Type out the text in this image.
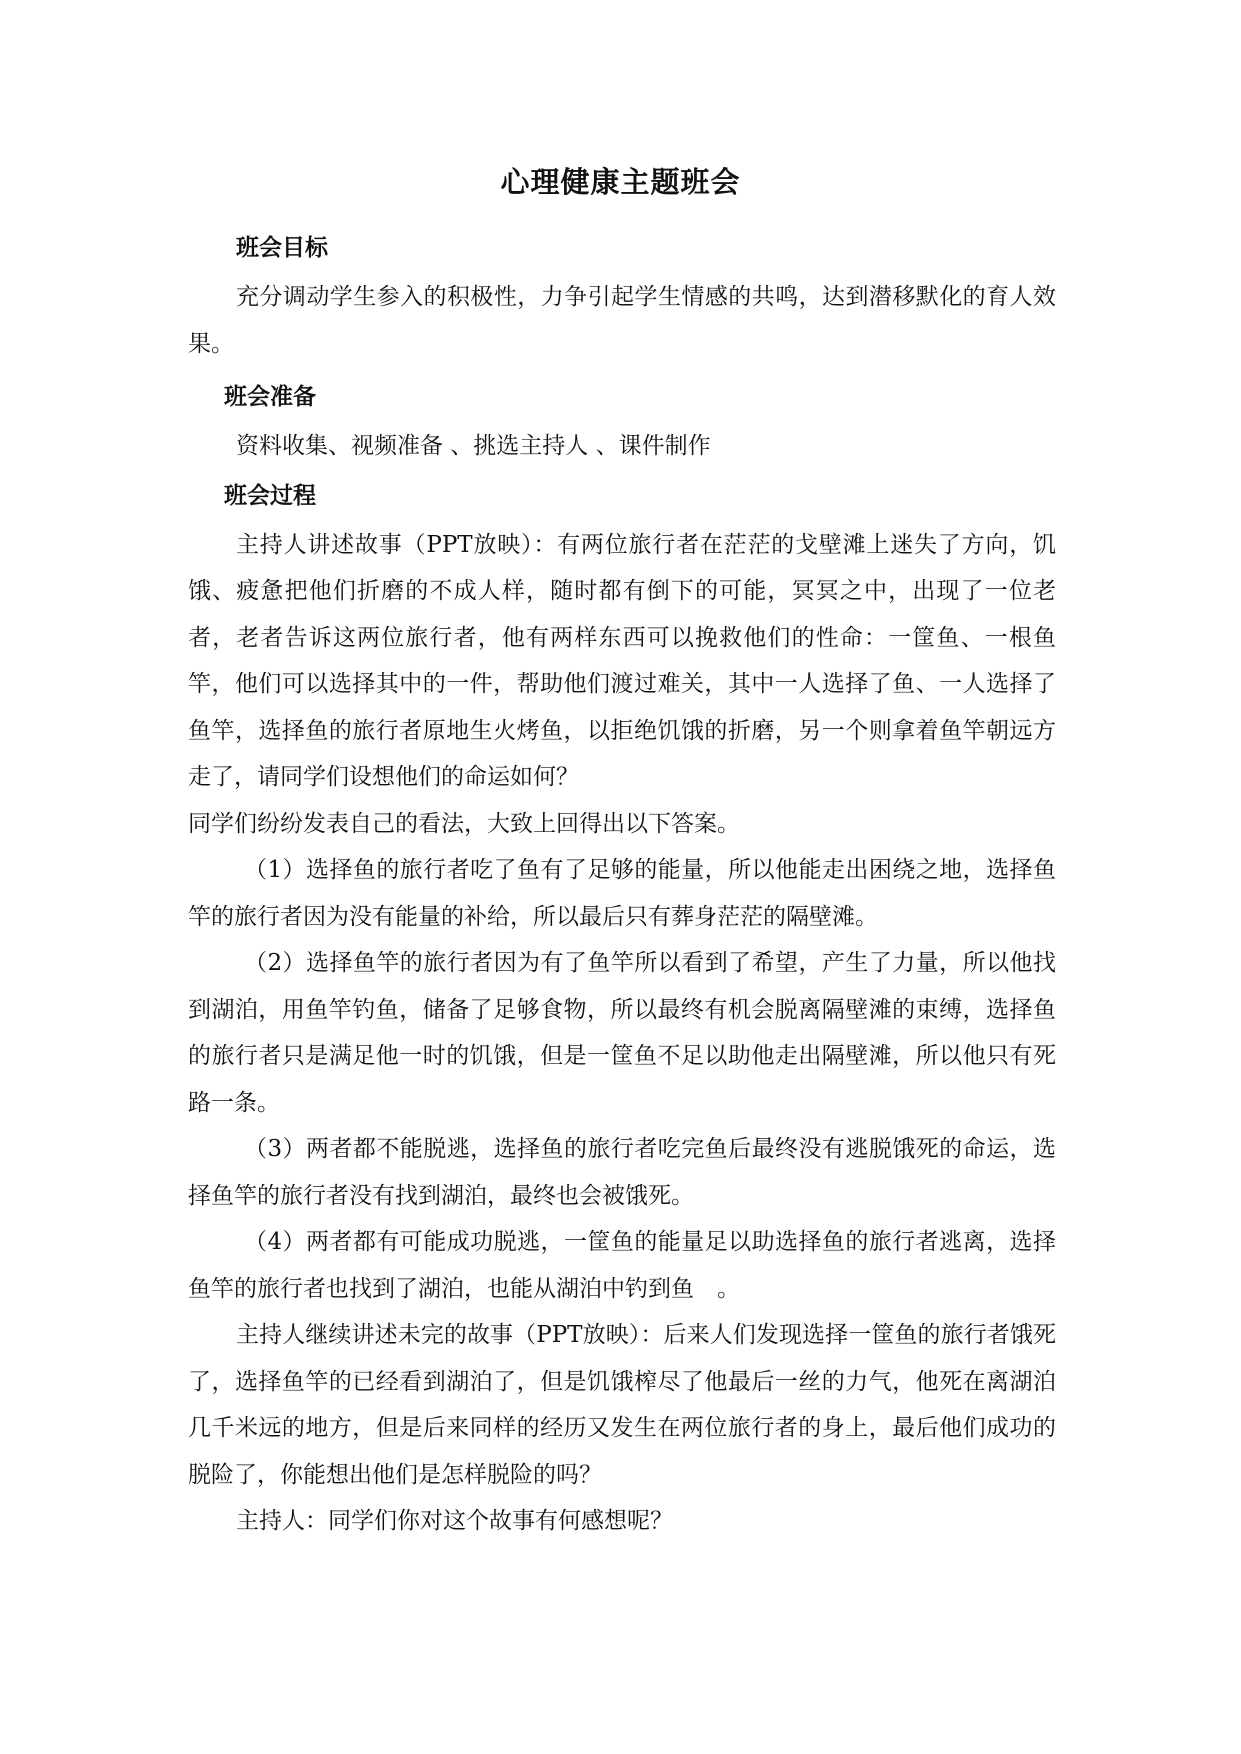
心理健康主题班会

班会目标

充分调动学生参入的积极性，力争引起学生情感的共鸣，达到潜移默化的育人效果。

班会准备

资料收集、视频准备 、挑选主持人 、课件制作

班会过程

主持人讲述故事（PPT放映）：有两位旅行者在茫茫的戈壁滩上迷失了方向，饥饿、疲惫把他们折磨的不成人样，随时都有倒下的可能，冥冥之中，出现了一位老者，老者告诉这两位旅行者，他有两样东西可以挽救他们的性命：一筐鱼、一根鱼竿，他们可以选择其中的一件，帮助他们渡过难关，其中一人选择了鱼、一人选择了鱼竿，选择鱼的旅行者原地生火烤鱼，以拒绝饥饿的折磨，另一个则拿着鱼竿朝远方走了，请同学们设想他们的命运如何？

同学们纷纷发表自己的看法，大致上回得出以下答案。

（1）选择鱼的旅行者吃了鱼有了足够的能量，所以他能走出困绕之地，选择鱼竿的旅行者因为没有能量的补给，所以最后只有葬身茫茫的隔壁滩。

（2）选择鱼竿的旅行者因为有了鱼竿所以看到了希望，产生了力量，所以他找到湖泊，用鱼竿钓鱼，储备了足够食物，所以最终有机会脱离隔壁滩的束缚，选择鱼的旅行者只是满足他一时的饥饿，但是一筐鱼不足以助他走出隔壁滩，所以他只有死路一条。

（3）两者都不能脱逃，选择鱼的旅行者吃完鱼后最终没有逃脱饿死的命运，选择鱼竿的旅行者没有找到湖泊，最终也会被饿死。

（4）两者都有可能成功脱逃，一筐鱼的能量足以助选择鱼的旅行者逃离，选择鱼竿的旅行者也找到了湖泊，也能从湖泊中钓到鱼　。

主持人继续讲述未完的故事（PPT放映）：后来人们发现选择一筐鱼的旅行者饿死了，选择鱼竿的已经看到湖泊了，但是饥饿榨尽了他最后一丝的力气，他死在离湖泊几千米远的地方，但是后来同样的经历又发生在两位旅行者的身上，最后他们成功的脱险了，你能想出他们是怎样脱险的吗？

主持人：同学们你对这个故事有何感想呢？
